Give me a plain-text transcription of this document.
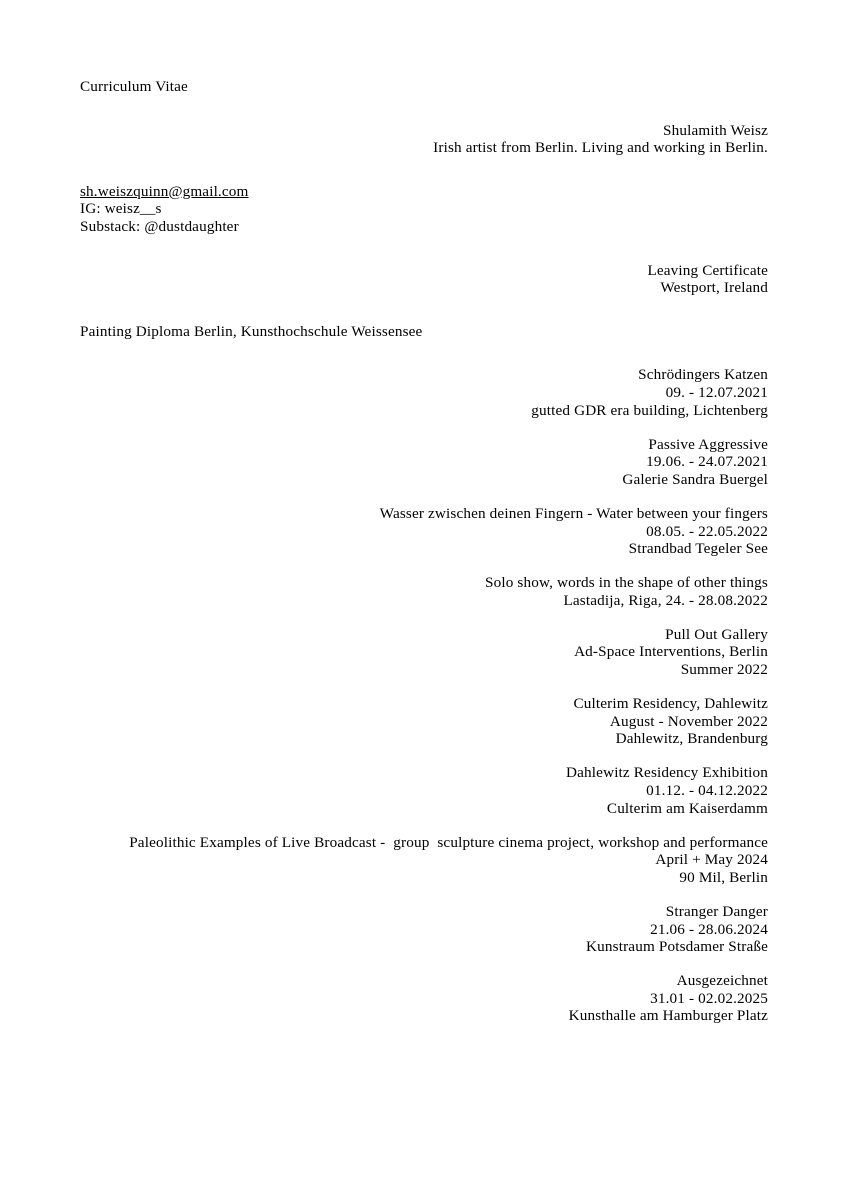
Curriculum Vitae
Shulamith Weisz
Irish artist from Berlin. Living and working in Berlin.
sh.weiszquinn@gmail.com
IG: weisz__s
Substack: @dustdaughter
Leaving Certificate
Westport, Ireland
Painting Diploma Berlin, Kunsthochschule Weissensee
Schrödingers Katzen
09. - 12.07.2021
gutted GDR era building, Lichtenberg
Passive Aggressive
19.06. - 24.07.2021
Galerie Sandra Buergel
Wasser zwischen deinen Fingern - Water between your fingers
08.05. - 22.05.2022
Strandbad Tegeler See
Solo show, words in the shape of other things
Lastadija, Riga, 24. - 28.08.2022
Pull Out Gallery
Ad-Space Interventions, Berlin
Summer 2022
Culterim Residency, Dahlewitz
August - November 2022
Dahlewitz, Brandenburg
Dahlewitz Residency Exhibition
01.12. - 04.12.2022
Culterim am Kaiserdamm
Paleolithic Examples of Live Broadcast -  group  sculpture cinema project, workshop and performance
April + May 2024
90 Mil, Berlin
Stranger Danger
21.06 - 28.06.2024
Kunstraum Potsdamer Straße
Ausgezeichnet
31.01 - 02.02.2025
Kunsthalle am Hamburger Platz
